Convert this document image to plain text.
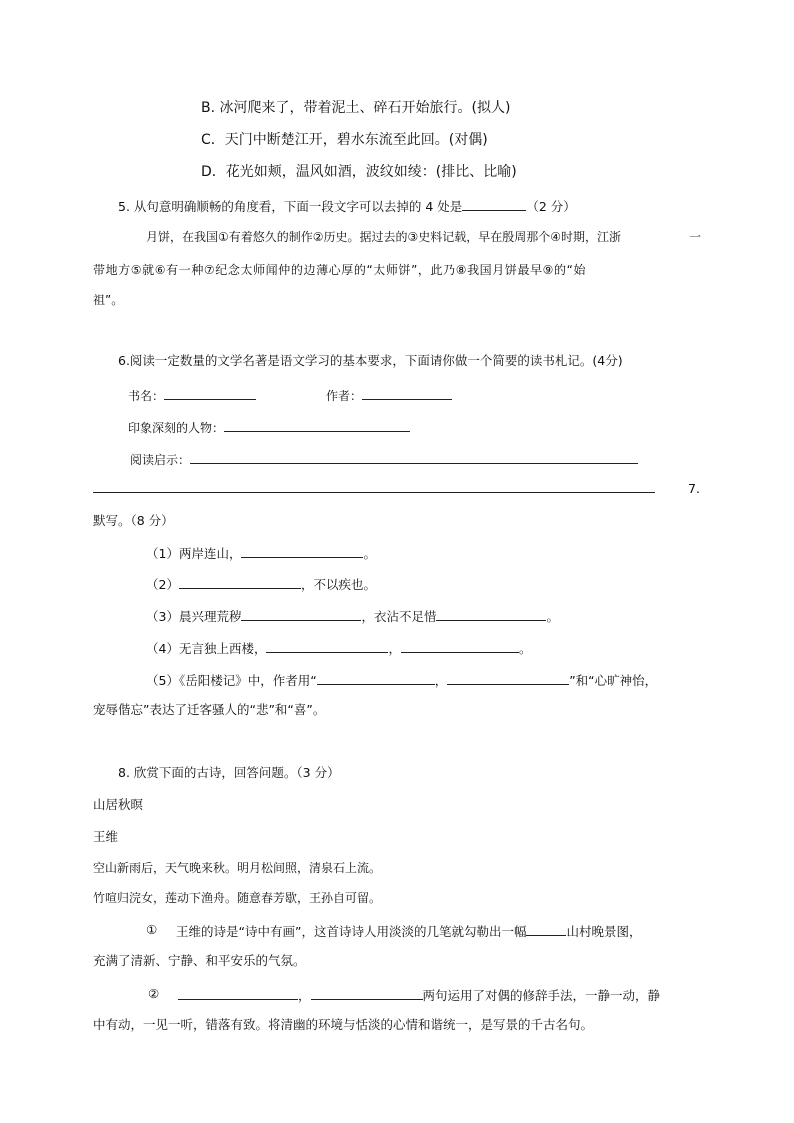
B. 冰河爬来了，带着泥土、碎石开始旅行。(拟人)
C．天门中断楚江开，碧水东流至此回。(对偶)
D．花光如颊，温风如酒，波纹如绫：(排比、比喻)
5. 从句意明确顺畅的角度看，下面一段文字可以去掉的 4 处是	（2 分）
月饼，在我国①有着悠久的制作②历史。据过去的③史料记载，早在殷周那个④时期，江浙	一
带地方⑤就⑥有一种⑦纪念太师闻仲的边薄心厚的“太师饼”，此乃⑧我国月饼最早⑨的“始
祖”。
6.阅读一定数量的文学名著是语文学习的基本要求，下面请你做一个简要的读书札记。(4分)
书名：	作者：
印象深刻的人物：
阅读启示：
7.
默写。（8 分）
（1）两岸连山，	。
（2）	，不以疾也。
（3）晨兴理荒秽	，衣沾不足惜	。
（4）无言独上西楼，	，	。
（5）《岳阳楼记》中，作者用“	，	”和“心旷神怡，
宠辱偕忘”表达了迁客骚人的“悲”和“喜”。
8. 欣赏下面的古诗，回答问题。（3 分）
山居秋暝
王维
空山新雨后，天气晚来秋。明月松间照，清泉石上流。
竹喧归浣女，莲动下渔舟。随意春芳歇，王孙自可留。
① 王维的诗是“诗中有画”，这首诗诗人用淡淡的几笔就勾勒出一幅	山村晚景图，
充满了清新、宁静、和平安乐的气氛。
②	，	两句运用了对偶的修辞手法，一静一动，静
中有动，一见一听，错落有致。将清幽的环境与恬淡的心情和谐统一，是写景的千古名句。
